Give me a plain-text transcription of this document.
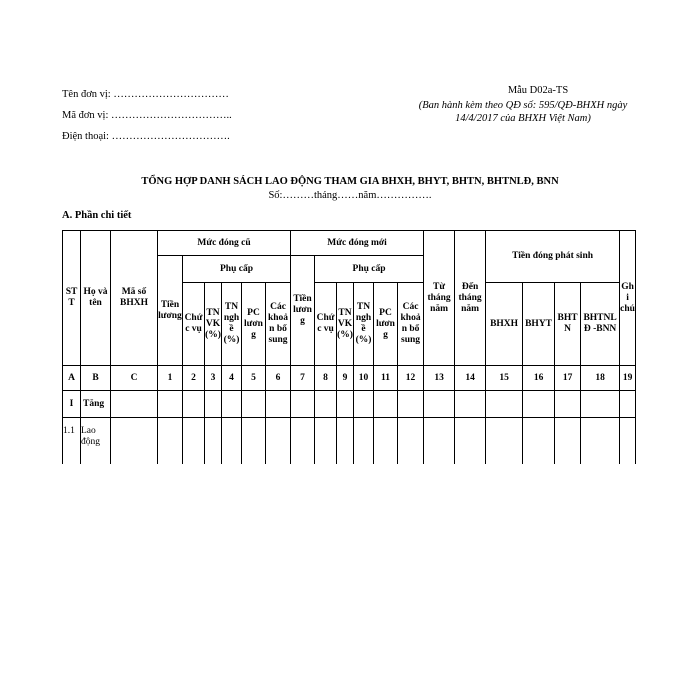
Tên đơn vị: ……………………………
Mã đơn vị: ……………………………..
Điện thoại: …………………………….
Mẫu D02a-TS
(Ban hành kèm theo QĐ số: 595/QĐ-BHXH ngày 14/4/2017 của BHXH Việt Nam)
TỔNG HỢP DANH SÁCH LAO ĐỘNG THAM GIA BHXH, BHYT, BHTN, BHTNLĐ, BNN
Số:………tháng……năm…………….
A. Phần chi tiết
STT	Họ và tên	Mã số BHXH	Mức đóng cũ						Mức đóng mới						Từ tháng năm	Đến tháng năm	Tiền đóng phát sinh				Ghi chú
			Tiền lương	Phụ cấp					Tiền lương	Phụ cấp											
				Chức vụ	TN VK (%)	TN nghề (%)	PC lương	Các khoản bổ sung		Chức vụ	TN VK (%)	TN nghề (%)	PC lương	Các khoản bổ sung			BHXH	BHYT	BHTN	BHTNLĐ -BNN	
A	B	C	1	2	3	4	5	6	7	8	9	10	11	12	13	14	15	16	17	18	19
I	Tăng																				
1.1	Lao động																				
